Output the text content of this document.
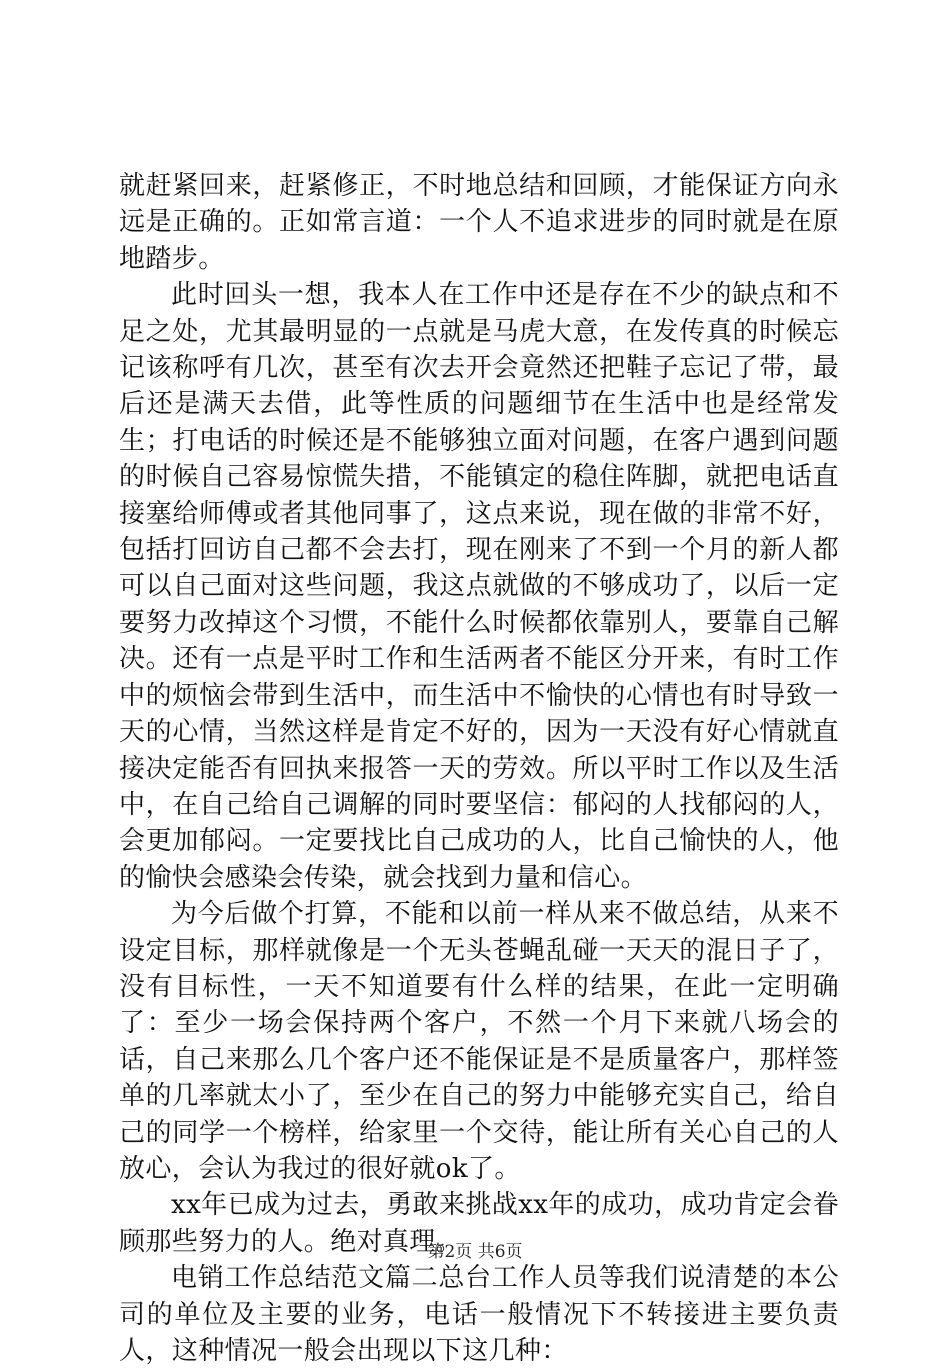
就赶紧回来，赶紧修正，不时地总结和回顾，才能保证方向永远是正确的。正如常言道：一个人不追求进步的同时就是在原地踏步。

此时回头一想，我本人在工作中还是存在不少的缺点和不足之处，尤其最明显的一点就是马虎大意，在发传真的时候忘记该称呼有几次，甚至有次去开会竟然还把鞋子忘记了带，最后还是满天去借，此等性质的问题细节在生活中也是经常发生；打电话的时候还是不能够独立面对问题，在客户遇到问题的时候自己容易惊慌失措，不能镇定的稳住阵脚，就把电话直接塞给师傅或者其他同事了，这点来说，现在做的非常不好，包括打回访自己都不会去打，现在刚来了不到一个月的新人都可以自己面对这些问题，我这点就做的不够成功了，以后一定要努力改掉这个习惯，不能什么时候都依靠别人，要靠自己解决。还有一点是平时工作和生活两者不能区分开来，有时工作中的烦恼会带到生活中，而生活中不愉快的心情也有时导致一天的心情，当然这样是肯定不好的，因为一天没有好心情就直接决定能否有回执来报答一天的劳效。所以平时工作以及生活中，在自己给自己调解的同时要坚信：郁闷的人找郁闷的人，会更加郁闷。一定要找比自己成功的人，比自己愉快的人，他的愉快会感染会传染，就会找到力量和信心。

为今后做个打算，不能和以前一样从来不做总结，从来不设定目标，那样就像是一个无头苍蝇乱碰一天天的混日子了，没有目标性，一天不知道要有什么样的结果，在此一定明确了：至少一场会保持两个客户，不然一个月下来就八场会的话，自己来那么几个客户还不能保证是不是质量客户，那样签单的几率就太小了，至少在自己的努力中能够充实自己，给自己的同学一个榜样，给家里一个交待，能让所有关心自己的人放心，会认为我过的很好就ok了。

xx年已成为过去，勇敢来挑战xx年的成功，成功肯定会眷顾那些努力的人。绝对真理。

电销工作总结范文篇二总台工作人员等我们说清楚的本公司的单位及主要的业务，电话一般情况下不转接进主要负责人，这种情况一般会出现以下这几种：

第2页 共6页
